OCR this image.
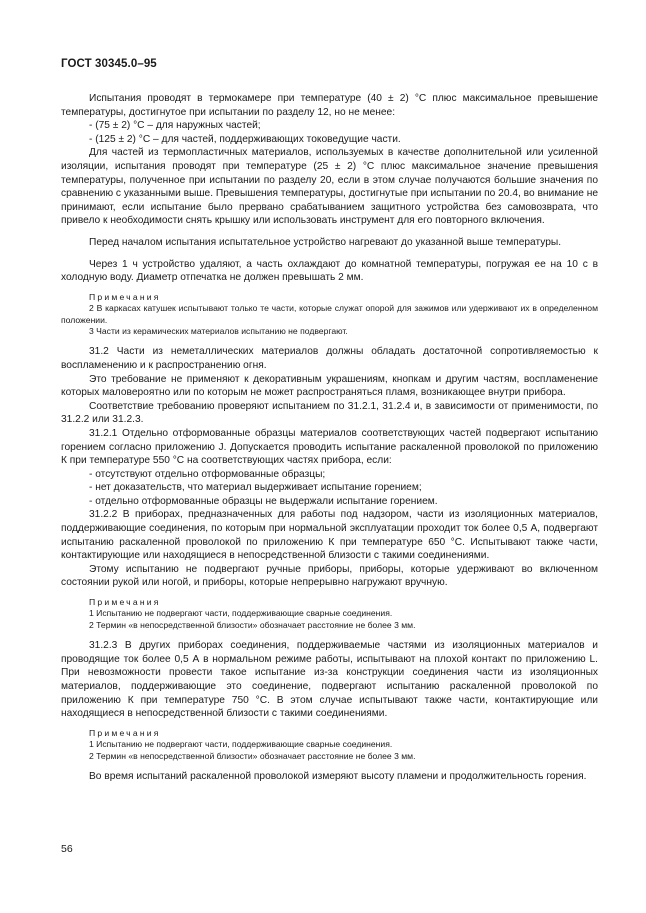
ГОСТ 30345.0–95

Испытания проводят в термокамере при температуре (40 ± 2) °С плюс максимальное превышение температуры, достигнутое при испытании по разделу 12, но не менее:

- (75 ± 2) °С – для наружных частей;

- (125 ± 2) °С – для частей, поддерживающих токоведущие части.

Для частей из термопластичных материалов, используемых в качестве дополнительной или усиленной изоляции, испытания проводят при температуре (25 ± 2) °С плюс максимальное значение превышения температуры, полученное при испытании по разделу 20, если в этом случае получаются большие значения по сравнению с указанными выше. Превышения температуры, достигнутые при испытании по 20.4, во внимание не принимают, если испытание было прервано срабатыванием защитного устройства без самовозврата, что привело к необходимости снять крышку или использовать инструмент для его повторного включения.

Перед началом испытания испытательное устройство нагревают до указанной выше температуры.

Через 1 ч устройство удаляют, а часть охлаждают до комнатной температуры, погружая ее на 10 с в холодную воду. Диаметр отпечатка не должен превышать 2 мм.

Примечания

2 В каркасах катушек испытывают только те части, которые служат опорой для зажимов или удерживают их в определенном положении.

3 Части из керамических материалов испытанию не подвергают.

31.2 Части из неметаллических материалов должны обладать достаточной сопротивляемостью к воспламенению и к распространению огня.

Это требование не применяют к декоративным украшениям, кнопкам и другим частям, воспламенение которых маловероятно или по которым не может распространяться пламя, возникающее внутри прибора.

Соответствие требованию проверяют испытанием по 31.2.1, 31.2.4 и, в зависимости от применимости, по 31.2.2 или 31.2.3.

31.2.1 Отдельно отформованные образцы материалов соответствующих частей подвергают испытанию горением согласно приложению J. Допускается проводить испытание раскаленной проволокой по приложению К при температуре 550 °С на соответствующих частях прибора, если:

- отсутствуют отдельно отформованные образцы;

- нет доказательств, что материал выдерживает испытание горением;

- отдельно отформованные образцы не выдержали испытание горением.

31.2.2 В приборах, предназначенных для работы под надзором, части из изоляционных материалов, поддерживающие соединения, по которым при нормальной эксплуатации проходит ток более 0,5 А, подвергают испытанию раскаленной проволокой по приложению К при температуре 650 °С. Испытывают также части, контактирующие или находящиеся в непосредственной близости с такими соединениями.

Этому испытанию не подвергают ручные приборы, приборы, которые удерживают во включенном состоянии рукой или ногой, и приборы, которые непрерывно нагружают вручную.

Примечания

1 Испытанию не подвергают части, поддерживающие сварные соединения.

2 Термин «в непосредственной близости» обозначает расстояние не более 3 мм.

31.2.3 В других приборах соединения, поддерживаемые частями из изоляционных материалов и проводящие ток более 0,5 А в нормальном режиме работы, испытывают на плохой контакт по приложению L. При невозможности провести такое испытание из-за конструкции соединения части из изоляционных материалов, поддерживающие это соединение, подвергают испытанию раскаленной проволокой по приложению К при температуре 750 °С. В этом случае испытывают также части, контактирующие или находящиеся в непосредственной близости с такими соединениями.

Примечания

1 Испытанию не подвергают части, поддерживающие сварные соединения.

2 Термин «в непосредственной близости» обозначает расстояние не более 3 мм.

Во время испытаний раскаленной проволокой измеряют высоту пламени и продолжительность горения.

56
